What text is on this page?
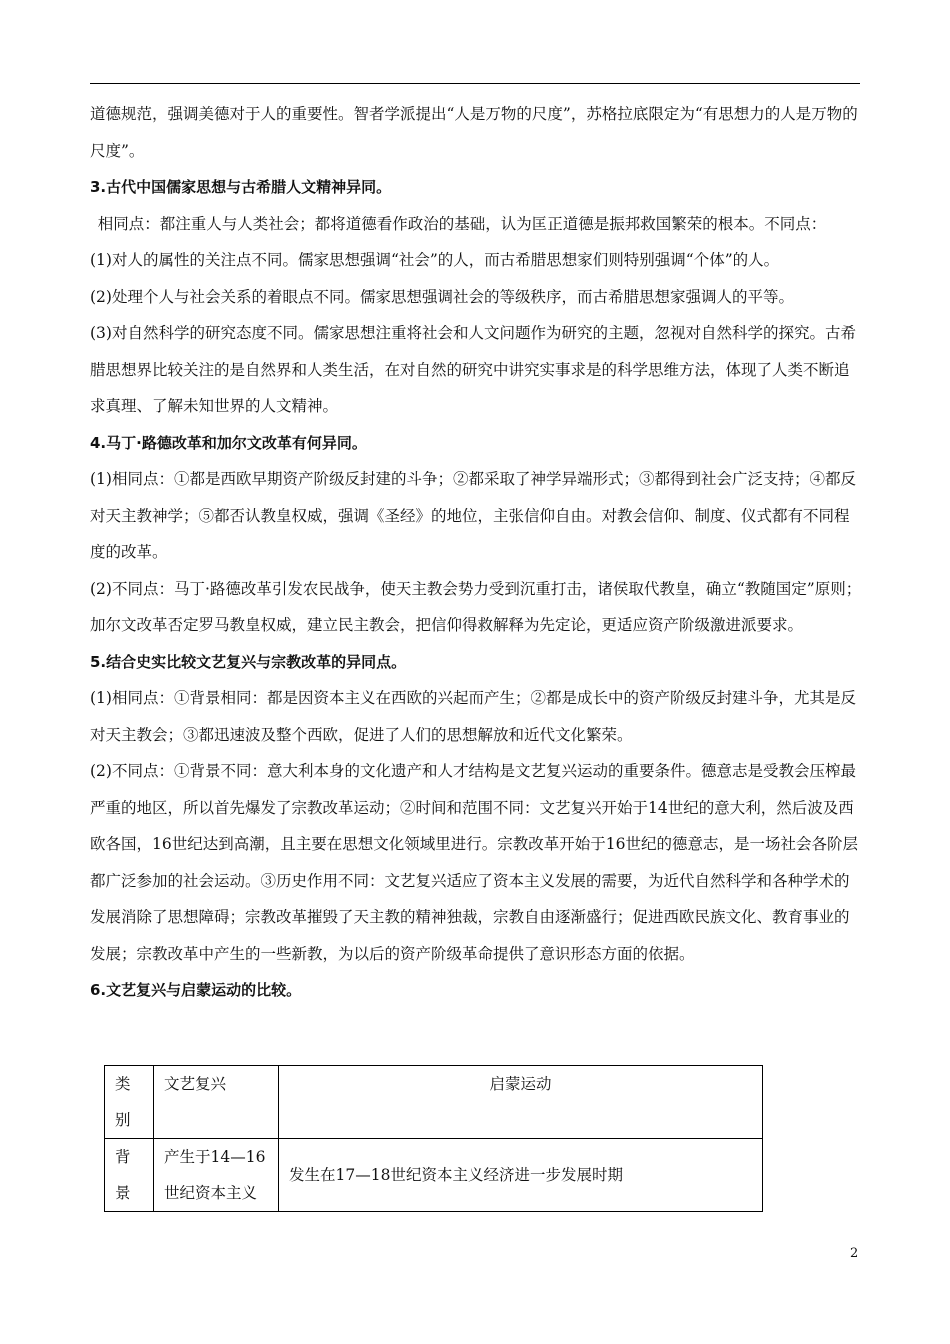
道德规范，强调美德对于人的重要性。智者学派提出“人是万物的尺度”，苏格拉底限定为“有思想力的人是万物的尺度”。

3.古代中国儒家思想与古希腊人文精神异同。

相同点：都注重人与人类社会；都将道德看作政治的基础，认为匡正道德是振邦救国繁荣的根本。不同点：

(1)对人的属性的关注点不同。儒家思想强调“社会”的人，而古希腊思想家们则特别强调“个体”的人。

(2)处理个人与社会关系的着眼点不同。儒家思想强调社会的等级秩序，而古希腊思想家强调人的平等。

(3)对自然科学的研究态度不同。儒家思想注重将社会和人文问题作为研究的主题，忽视对自然科学的探究。古希腊思想界比较关注的是自然界和人类生活，在对自然的研究中讲究实事求是的科学思维方法，体现了人类不断追求真理、了解未知世界的人文精神。

4.马丁·路德改革和加尔文改革有何异同。

(1)相同点：①都是西欧早期资产阶级反封建的斗争；②都采取了神学异端形式；③都得到社会广泛支持；④都反对天主教神学；⑤都否认教皇权威，强调《圣经》的地位，主张信仰自由。对教会信仰、制度、仪式都有不同程度的改革。

(2)不同点：马丁·路德改革引发农民战争，使天主教会势力受到沉重打击，诸侯取代教皇，确立“教随国定”原则；加尔文改革否定罗马教皇权威，建立民主教会，把信仰得救解释为先定论，更适应资产阶级激进派要求。

5.结合史实比较文艺复兴与宗教改革的异同点。

(1)相同点：①背景相同：都是因资本主义在西欧的兴起而产生；②都是成长中的资产阶级反封建斗争，尤其是反对天主教会；③都迅速波及整个西欧，促进了人们的思想解放和近代文化繁荣。

(2)不同点：①背景不同：意大利本身的文化遗产和人才结构是文艺复兴运动的重要条件。德意志是受教会压榨最严重的地区，所以首先爆发了宗教改革运动；②时间和范围不同：文艺复兴开始于14世纪的意大利，然后波及西欧各国，16世纪达到高潮，且主要在思想文化领域里进行。宗教改革开始于16世纪的德意志，是一场社会各阶层都广泛参加的社会运动。③历史作用不同：文艺复兴适应了资本主义发展的需要，为近代自然科学和各种学术的发展消除了思想障碍；宗教改革摧毁了天主教的精神独裁，宗教自由逐渐盛行；促进西欧民族文化、教育事业的发展；宗教改革中产生的一些新教，为以后的资产阶级革命提供了意识形态方面的依据。

6.文艺复兴与启蒙运动的比较。

类别	文艺复兴	启蒙运动
背景	产生于14—16世纪资本主义	发生在17—18世纪资本主义经济进一步发展时期
2
